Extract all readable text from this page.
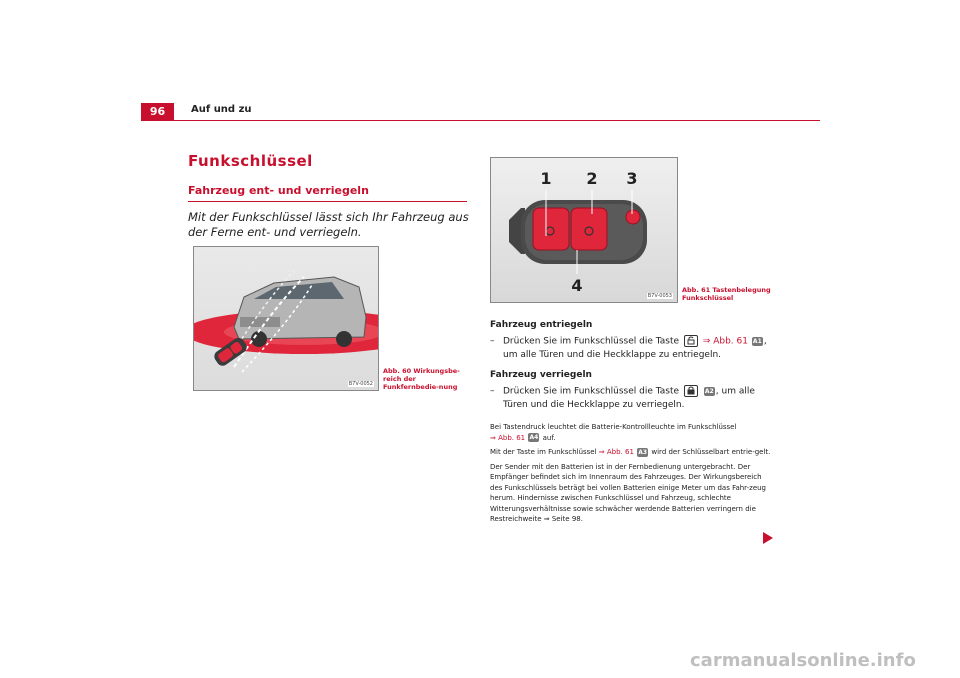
96	Auf und zu
Funkschlüssel
Fahrzeug ent- und verriegeln
Mit der Funkschlüssel lässt sich Ihr Fahrzeug aus der Ferne ent- und verriegeln.
B7V-0052
Abb. 60 Wirkungsbe-reich der Funkfernbedie-nung
1 2 3
4
B7V-0053
Abb. 61 Tastenbelegung Funkschlüssel
Fahrzeug entriegeln
– Drücken Sie im Funkschlüssel die Taste	⇒ Abb. 61 A1 , um alle Türen und die Heckklappe zu entriegeln.
Fahrzeug verriegeln
– Drücken Sie im Funkschlüssel die Taste	A2 , um alle Türen und die Heckklappe zu verriegeln.

Bei Tastendruck leuchtet die Batterie-Kontrollleuchte im Funkschlüssel
⇒ Abb. 61 A4 auf.

Mit der Taste im Funkschlüssel ⇒ Abb. 61 A3 wird der Schlüsselbart entrie-gelt.

Der Sender mit den Batterien ist in der Fernbedienung untergebracht. Der Empfänger befindet sich im Innenraum des Fahrzeuges. Der Wirkungsbereich des Funkschlüssels beträgt bei vollen Batterien einige Meter um das Fahr-zeug herum. Hindernisse zwischen Funkschlüssel und Fahrzeug, schlechte Witterungsverhältnisse sowie schwächer werdende Batterien verringern die Restreichweite ⇒ Seite 98.

carmanualsonline.info
